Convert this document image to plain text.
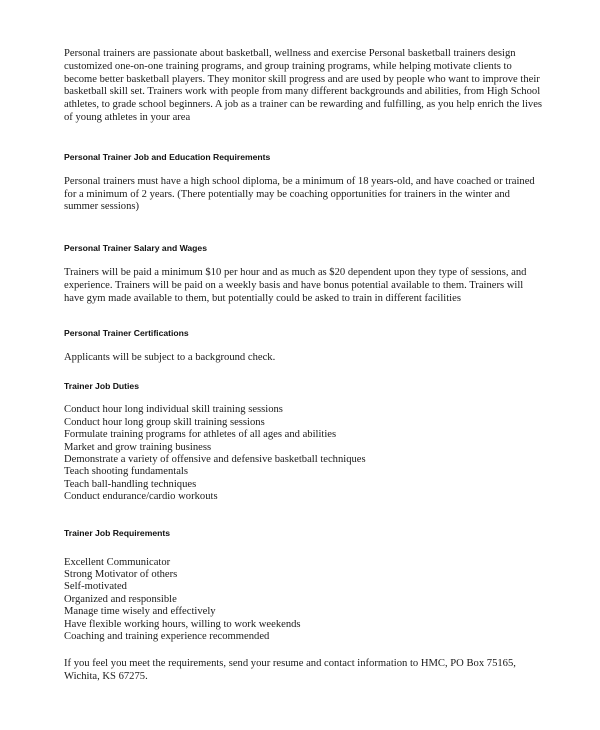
Personal trainers are passionate about basketball, wellness and exercise Personal basketball trainers design customized one-on-one training programs, and group training programs, while helping motivate clients to become better basketball players. They monitor skill progress and are used by people who want to improve their basketball skill set. Trainers work with people from many different backgrounds and abilities, from High School athletes, to grade school beginners. A job as a trainer can be rewarding and fulfilling, as you help enrich the lives of young athletes in your area

Personal Trainer Job and Education Requirements

Personal trainers must have a high school diploma, be a minimum of 18 years-old, and have coached or trained for a minimum of 2 years. (There potentially may be coaching opportunities for trainers in the winter and summer sessions)

Personal Trainer Salary and Wages

Trainers will be paid a minimum $10 per hour and as much as $20 dependent upon they type of sessions, and experience. Trainers will be paid on a weekly basis and have bonus potential available to them. Trainers will have gym made available to them, but potentially could be asked to train in different facilities

Personal Trainer Certifications

Applicants will be subject to a background check.

Trainer Job Duties

Conduct hour long individual skill training sessions
Conduct hour long group skill training sessions
Formulate training programs for athletes of all ages and abilities
Market and grow training business
Demonstrate a variety of offensive and defensive basketball techniques
Teach shooting fundamentals
Teach ball-handling techniques
Conduct endurance/cardio workouts

Trainer Job Requirements

Excellent Communicator
Strong Motivator of others
Self-motivated
Organized and responsible
Manage time wisely and effectively
Have flexible working hours, willing to work weekends
Coaching and training experience recommended

If you feel you meet the requirements, send your resume and contact information to HMC, PO Box 75165, Wichita, KS 67275.
